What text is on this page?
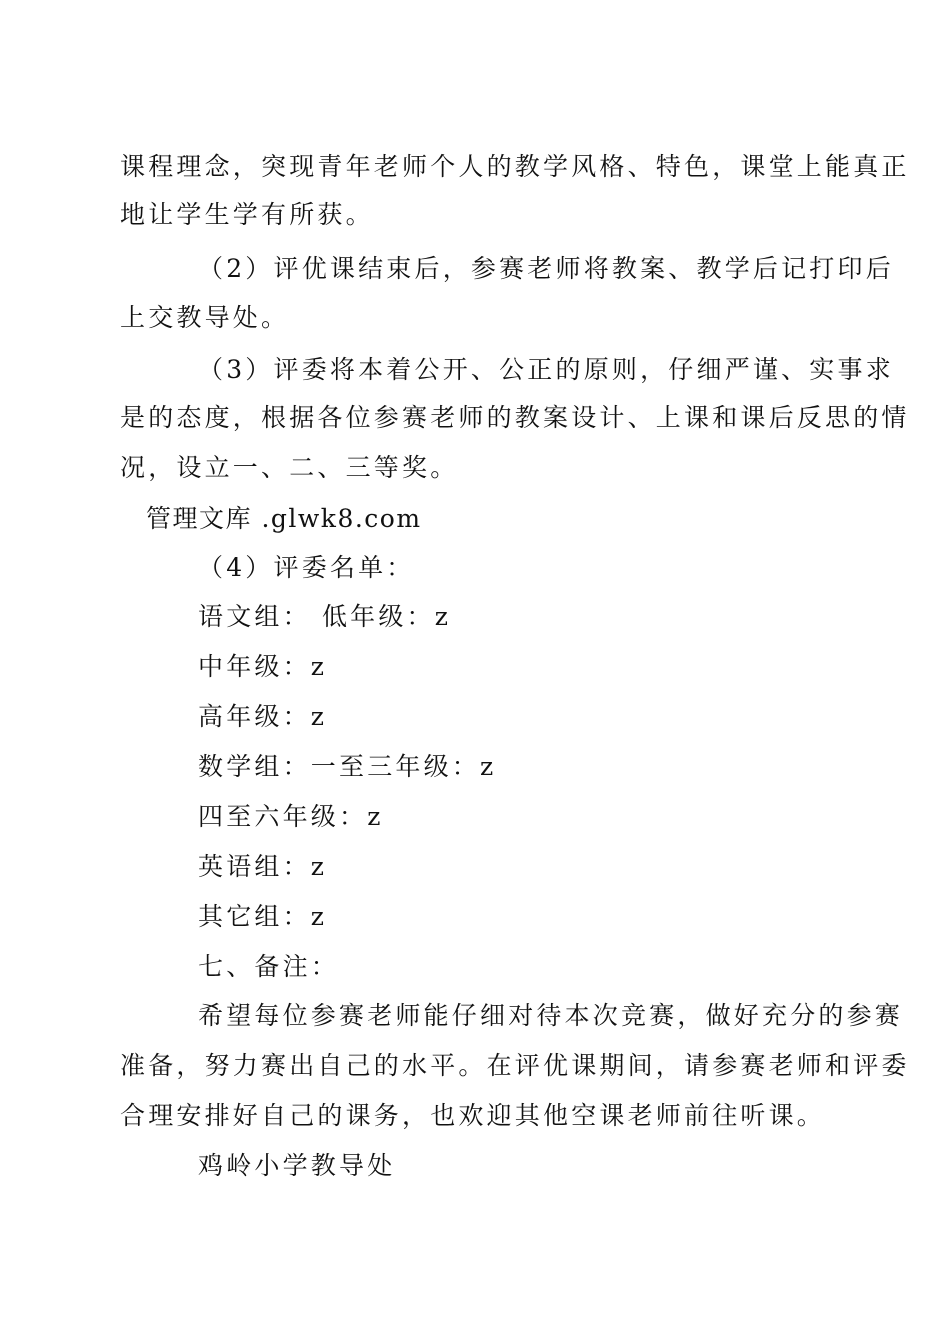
课程理念，突现青年老师个人的教学风格、特色，课堂上能真正
地让学生学有所获。
（2）评优课结束后，参赛老师将教案、教学后记打印后
上交教导处。
（3）评委将本着公开、公正的原则，仔细严谨、实事求
是的态度，根据各位参赛老师的教案设计、上课和课后反思的情
况，设立一、二、三等奖。
管理文库 .glwk8.com
（4）评委名单：
语文组： 低年级：z
中年级：z
高年级：z
数学组：一至三年级：z
四至六年级：z
英语组：z
其它组：z
七、备注：
希望每位参赛老师能仔细对待本次竞赛，做好充分的参赛
准备，努力赛出自己的水平。在评优课期间，请参赛老师和评委
合理安排好自己的课务，也欢迎其他空课老师前往听课。
鸡岭小学教导处
